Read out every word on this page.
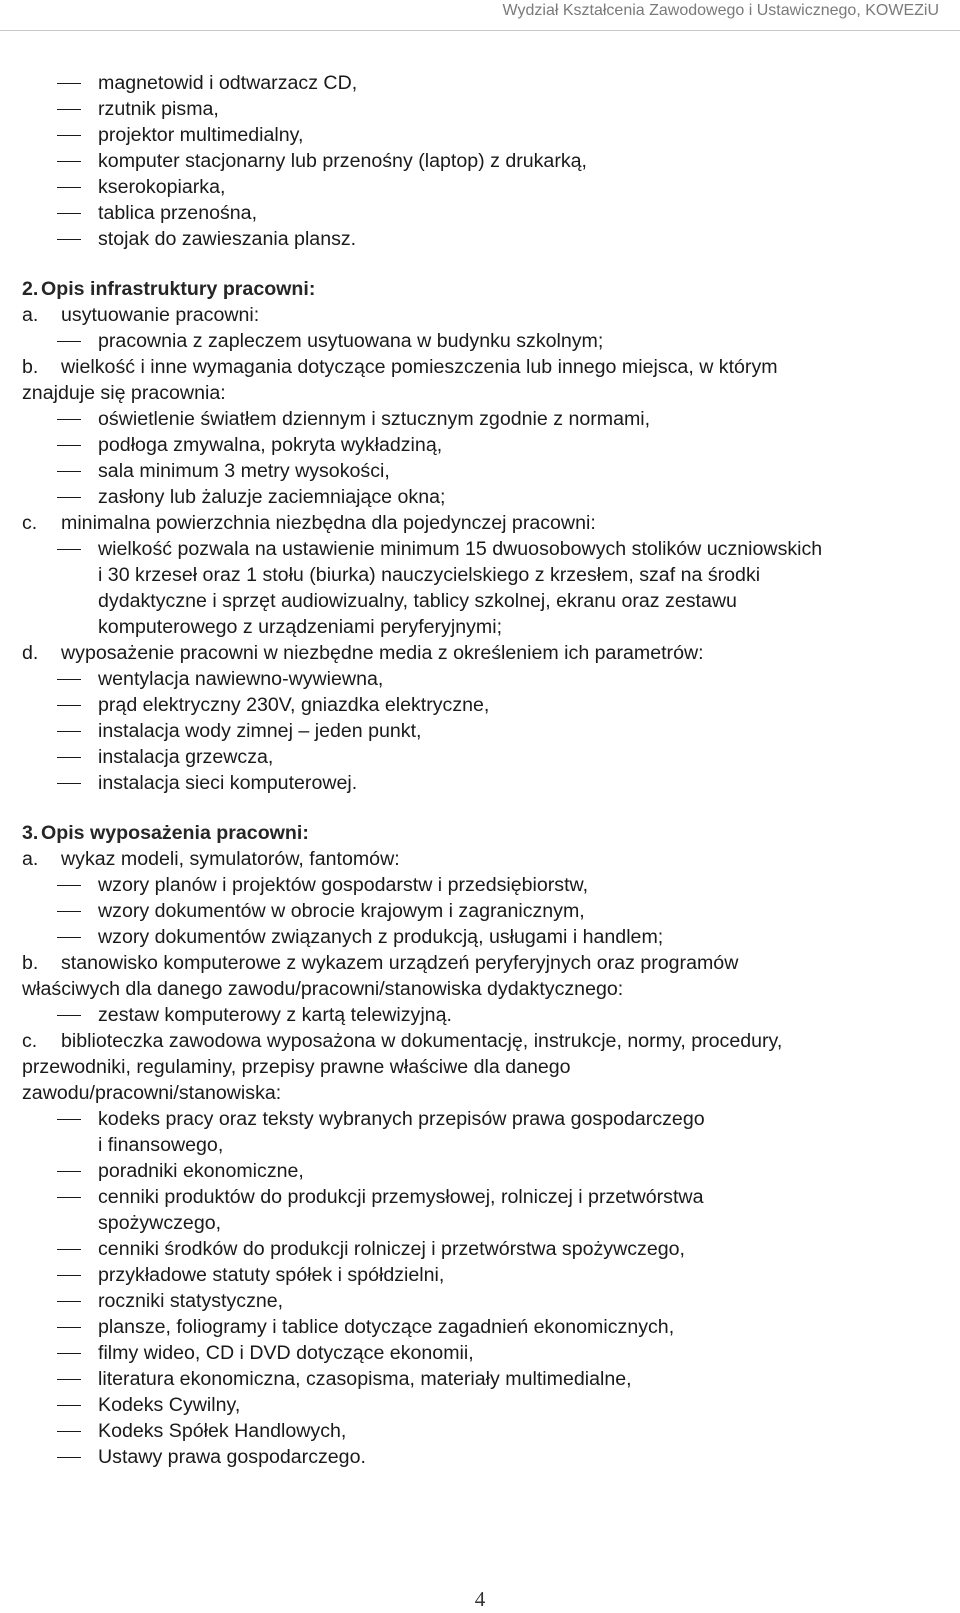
Wydział Kształcenia Zawodowego i Ustawicznego, KOWEZiU
magnetowid i odtwarzacz CD,
rzutnik pisma,
projektor multimedialny,
komputer stacjonarny lub przenośny (laptop) z drukarką,
kserokopiarka,
tablica przenośna,
stojak do zawieszania plansz.
2. Opis infrastruktury pracowni:
a. usytuowanie pracowni:
pracownia z zapleczem usytuowana w budynku szkolnym;
b. wielkość i inne wymagania dotyczące pomieszczenia lub innego miejsca, w którym
znajduje się pracownia:
oświetlenie światłem dziennym i sztucznym zgodnie z normami,
podłoga zmywalna, pokryta wykładziną,
sala minimum 3 metry wysokości,
zasłony lub żaluzje zaciemniające okna;
c. minimalna powierzchnia niezbędna dla pojedynczej pracowni:
wielkość pozwala na ustawienie minimum 15 dwuosobowych stolików uczniowskich
i 30 krzeseł oraz 1 stołu (biurka) nauczycielskiego z krzesłem, szaf na środki
dydaktyczne i sprzęt audiowizualny, tablicy szkolnej, ekranu oraz zestawu
komputerowego z urządzeniami peryferyjnymi;
d. wyposażenie pracowni w niezbędne media z określeniem ich parametrów:
wentylacja nawiewno-wywiewna,
prąd elektryczny 230V, gniazdka elektryczne,
instalacja wody zimnej – jeden punkt,
instalacja grzewcza,
instalacja sieci komputerowej.
3. Opis wyposażenia pracowni:
a. wykaz modeli, symulatorów, fantomów:
wzory planów i projektów gospodarstw i przedsiębiorstw,
wzory dokumentów w obrocie krajowym i zagranicznym,
wzory dokumentów związanych z produkcją, usługami i handlem;
b. stanowisko komputerowe z wykazem urządzeń peryferyjnych oraz programów
właściwych dla danego zawodu/pracowni/stanowiska dydaktycznego:
zestaw komputerowy z kartą telewizyjną.
c. biblioteczka zawodowa wyposażona w dokumentację, instrukcje, normy, procedury,
przewodniki, regulaminy, przepisy prawne właściwe dla danego
zawodu/pracowni/stanowiska:
kodeks pracy oraz teksty wybranych przepisów prawa gospodarczego
i finansowego,
poradniki ekonomiczne,
cenniki produktów do produkcji przemysłowej, rolniczej i przetwórstwa
spożywczego,
cenniki środków do produkcji rolniczej i przetwórstwa spożywczego,
przykładowe statuty spółek i spółdzielni,
roczniki statystyczne,
plansze, foliogramy i tablice dotyczące zagadnień ekonomicznych,
filmy wideo, CD i DVD dotyczące ekonomii,
literatura ekonomiczna, czasopisma, materiały multimedialne,
Kodeks Cywilny,
Kodeks Spółek Handlowych,
Ustawy prawa gospodarczego.
4
